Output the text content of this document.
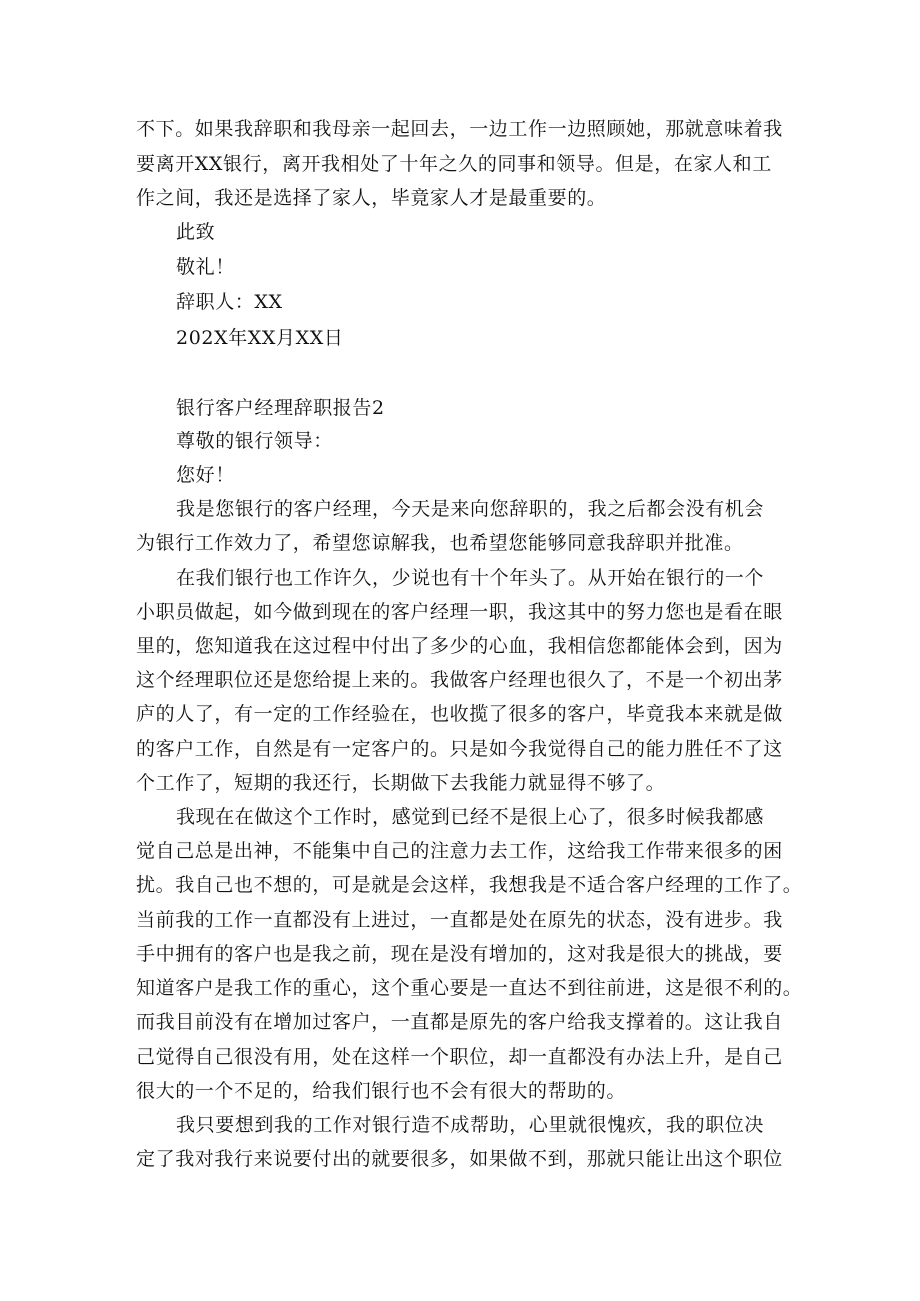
不下。如果我辞职和我母亲一起回去，一边工作一边照顾她，那就意味着我
要离开XX银行，离开我相处了十年之久的同事和领导。但是，在家人和工
作之间，我还是选择了家人，毕竟家人才是最重要的。
此致
敬礼！
辞职人：XX
202X年XX月XX日
银行客户经理辞职报告2
尊敬的银行领导：
您好！
我是您银行的客户经理，今天是来向您辞职的，我之后都会没有机会
为银行工作效力了，希望您谅解我，也希望您能够同意我辞职并批准。
在我们银行也工作许久，少说也有十个年头了。从开始在银行的一个
小职员做起，如今做到现在的客户经理一职，我这其中的努力您也是看在眼
里的，您知道我在这过程中付出了多少的心血，我相信您都能体会到，因为
这个经理职位还是您给提上来的。我做客户经理也很久了，不是一个初出茅
庐的人了，有一定的工作经验在，也收揽了很多的客户，毕竟我本来就是做
的客户工作，自然是有一定客户的。只是如今我觉得自己的能力胜任不了这
个工作了，短期的我还行，长期做下去我能力就显得不够了。
我现在在做这个工作时，感觉到已经不是很上心了，很多时候我都感
觉自己总是出神，不能集中自己的注意力去工作，这给我工作带来很多的困
扰。我自己也不想的，可是就是会这样，我想我是不适合客户经理的工作了。
当前我的工作一直都没有上进过，一直都是处在原先的状态，没有进步。我
手中拥有的客户也是我之前，现在是没有增加的，这对我是很大的挑战，要
知道客户是我工作的重心，这个重心要是一直达不到往前进，这是很不利的。
而我目前没有在增加过客户，一直都是原先的客户给我支撑着的。这让我自
己觉得自己很没有用，处在这样一个职位，却一直都没有办法上升，是自己
很大的一个不足的，给我们银行也不会有很大的帮助的。
我只要想到我的工作对银行造不成帮助，心里就很愧疚，我的职位决
定了我对我行来说要付出的就要很多，如果做不到，那就只能让出这个职位
